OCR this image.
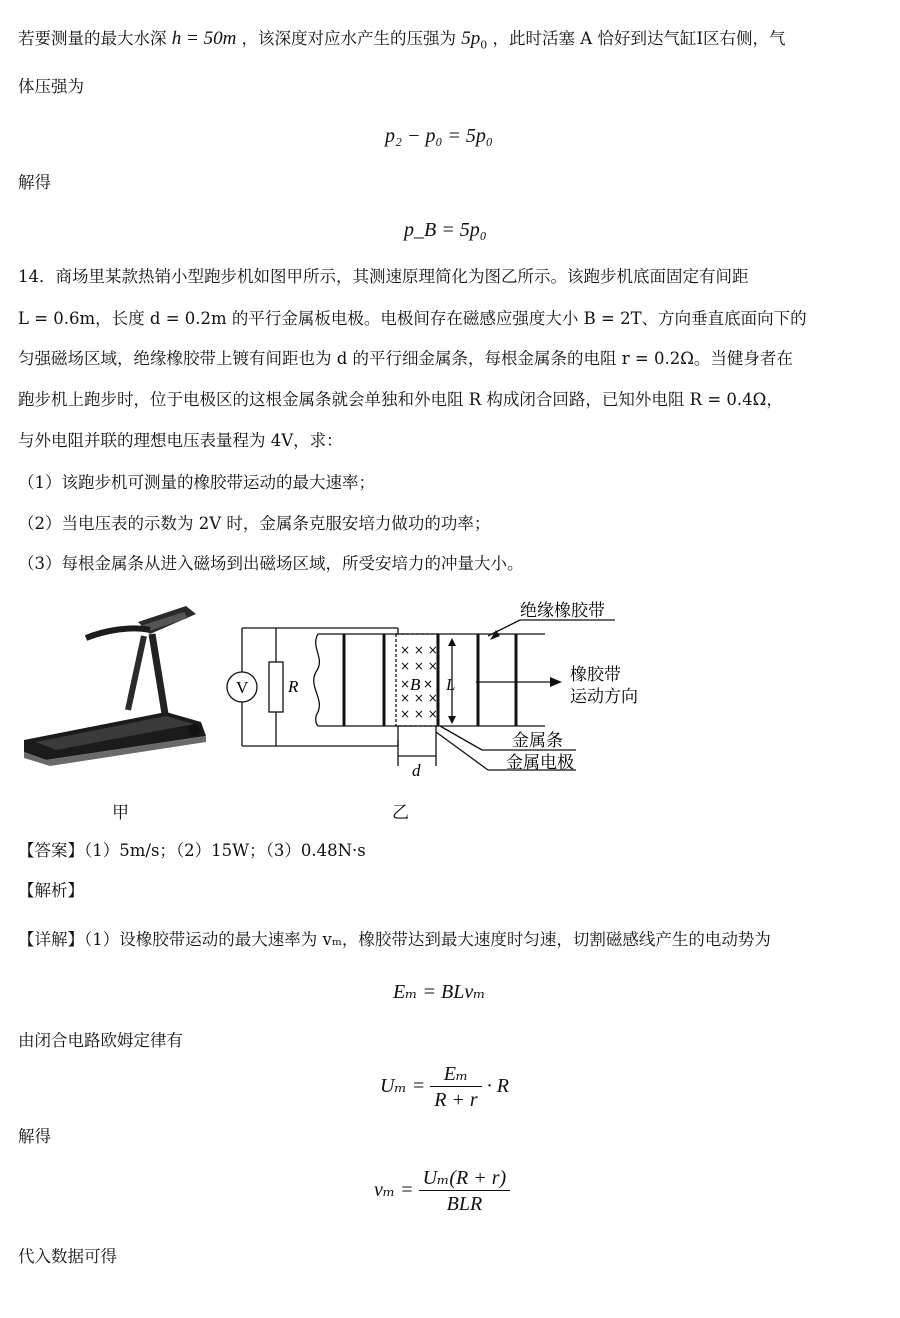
若要测量的最大水深 h = 50m ，该深度对应水产生的压强为 $5p_0$ ，此时活塞 A 恰好到达气缸Ⅰ区右侧，气
体压强为
p₂ − p₀ = 5p₀
解得
p_B = 5p₀
14．商场里某款热销小型跑步机如图甲所示，其测速原理简化为图乙所示。该跑步机底面固定有间距
L = 0.6m，长度 d = 0.2m 的平行金属板电极。电极间存在磁感应强度大小 B = 2T、方向垂直底面向下的
匀强磁场区域，绝缘橡胶带上镀有间距也为 d 的平行细金属条，每根金属条的电阻 r = 0.2Ω。当健身者在
跑步机上跑步时，位于电极区的这根金属条就会单独和外电阻 R 构成闭合回路，已知外电阻 R = 0.4Ω，
与外电阻并联的理想电压表量程为 4V，求：
（1）该跑步机可测量的橡胶带运动的最大速率；
（2）当电压表的示数为 2V 时，金属条克服安培力做功的功率；
（3）每根金属条从进入磁场到出磁场区域，所受安培力的冲量大小。
V R
× × ×
× × ×
× × ×
× × ×
× B × L
d
绝缘橡胶带
橡胶带
运动方向
金属条
金属电极
甲	乙
【答案】（1）5m/s；（2）15W；（3）0.48N·s
【解析】
【详解】（1）设橡胶带运动的最大速率为 vₘ，橡胶带达到最大速度时匀速，切割磁感线产生的电动势为
Eₘ = BLvₘ
由闭合电路欧姆定律有
$U_m = \frac{\text{Eₘ}}{R + r} \cdot R$
解得
$v_m = \frac{\text{Uₘ(R + r)}}{\text{BLR}}$
代入数据可得
